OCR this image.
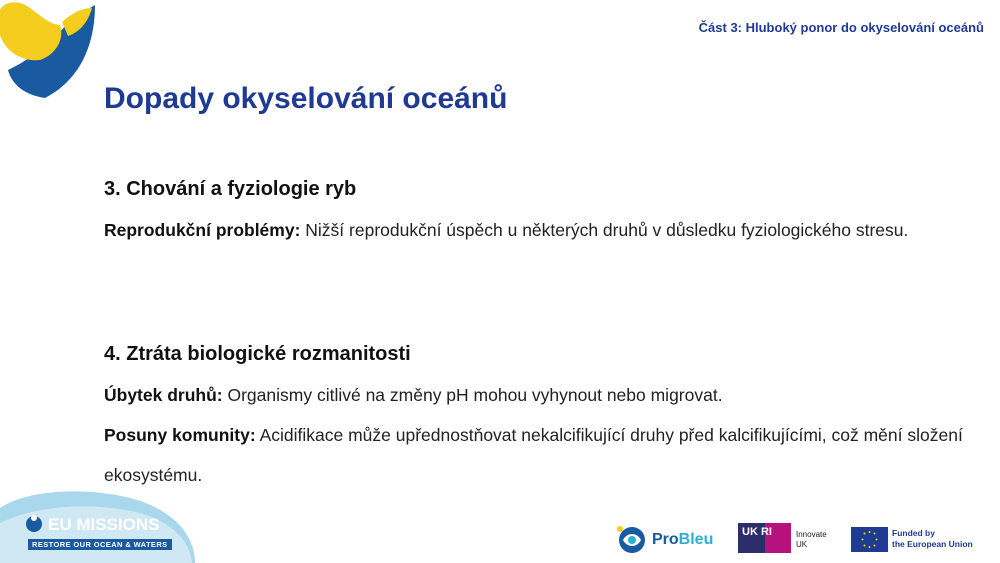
Část 3: Hluboký ponor do okyselování oceánů
Dopady okyselování oceánů
3. Chování a fyziologie ryb
Reprodukční problémy: Nižší reprodukční úspěch u některých druhů v důsledku fyziologického stresu.
4. Ztráta biologické rozmanitosti
Úbytek druhů: Organismy citlivé na změny pH mohou vyhynout nebo migrovat.
Posuny komunity: Acidifikace může upřednostňovat nekalcifikující druhy před kalcifikujícími, což mění složení ekosystému.
EU MISSIONS
RESTORE OUR OCEAN & WATERS	ProBleu	UK RI	Innovate
UK
Funded by
the European Union
